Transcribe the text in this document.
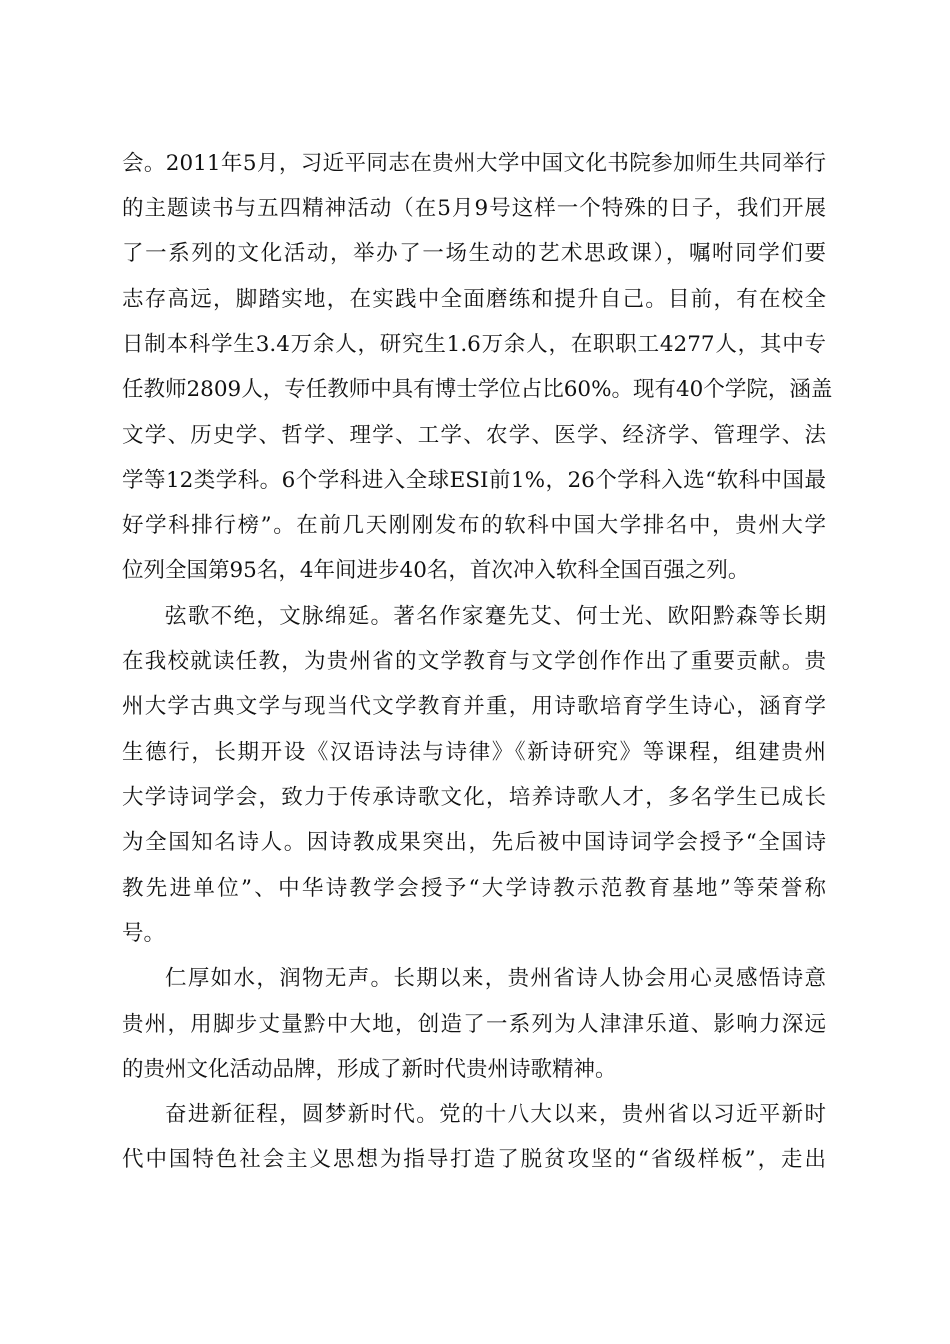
会。2011年5月，习近平同志在贵州大学中国文化书院参加师生共同举行
的主题读书与五四精神活动（在5月9号这样一个特殊的日子，我们开展
了一系列的文化活动，举办了一场生动的艺术思政课），嘱咐同学们要
志存高远，脚踏实地，在实践中全面磨练和提升自己。目前，有在校全
日制本科学生3.4万余人，研究生1.6万余人，在职职工4277人，其中专
任教师2809人，专任教师中具有博士学位占比60%。现有40个学院，涵盖
文学、历史学、哲学、理学、工学、农学、医学、经济学、管理学、法
学等12类学科。6个学科进入全球ESI前1%，26个学科入选“软科中国最
好学科排行榜”。在前几天刚刚发布的软科中国大学排名中，贵州大学
位列全国第95名，4年间进步40名，首次冲入软科全国百强之列。
弦歌不绝，文脉绵延。著名作家蹇先艾、何士光、欧阳黔森等长期
在我校就读任教，为贵州省的文学教育与文学创作作出了重要贡献。贵
州大学古典文学与现当代文学教育并重，用诗歌培育学生诗心，涵育学
生德行，长期开设《汉语诗法与诗律》《新诗研究》等课程，组建贵州
大学诗词学会，致力于传承诗歌文化，培养诗歌人才，多名学生已成长
为全国知名诗人。因诗教成果突出，先后被中国诗词学会授予“全国诗
教先进单位”、中华诗教学会授予“大学诗教示范教育基地”等荣誉称
号。
仁厚如水，润物无声。长期以来，贵州省诗人协会用心灵感悟诗意
贵州，用脚步丈量黔中大地，创造了一系列为人津津乐道、影响力深远
的贵州文化活动品牌，形成了新时代贵州诗歌精神。
奋进新征程，圆梦新时代。党的十八大以来，贵州省以习近平新时
代中国特色社会主义思想为指导打造了脱贫攻坚的“省级样板”，走出
